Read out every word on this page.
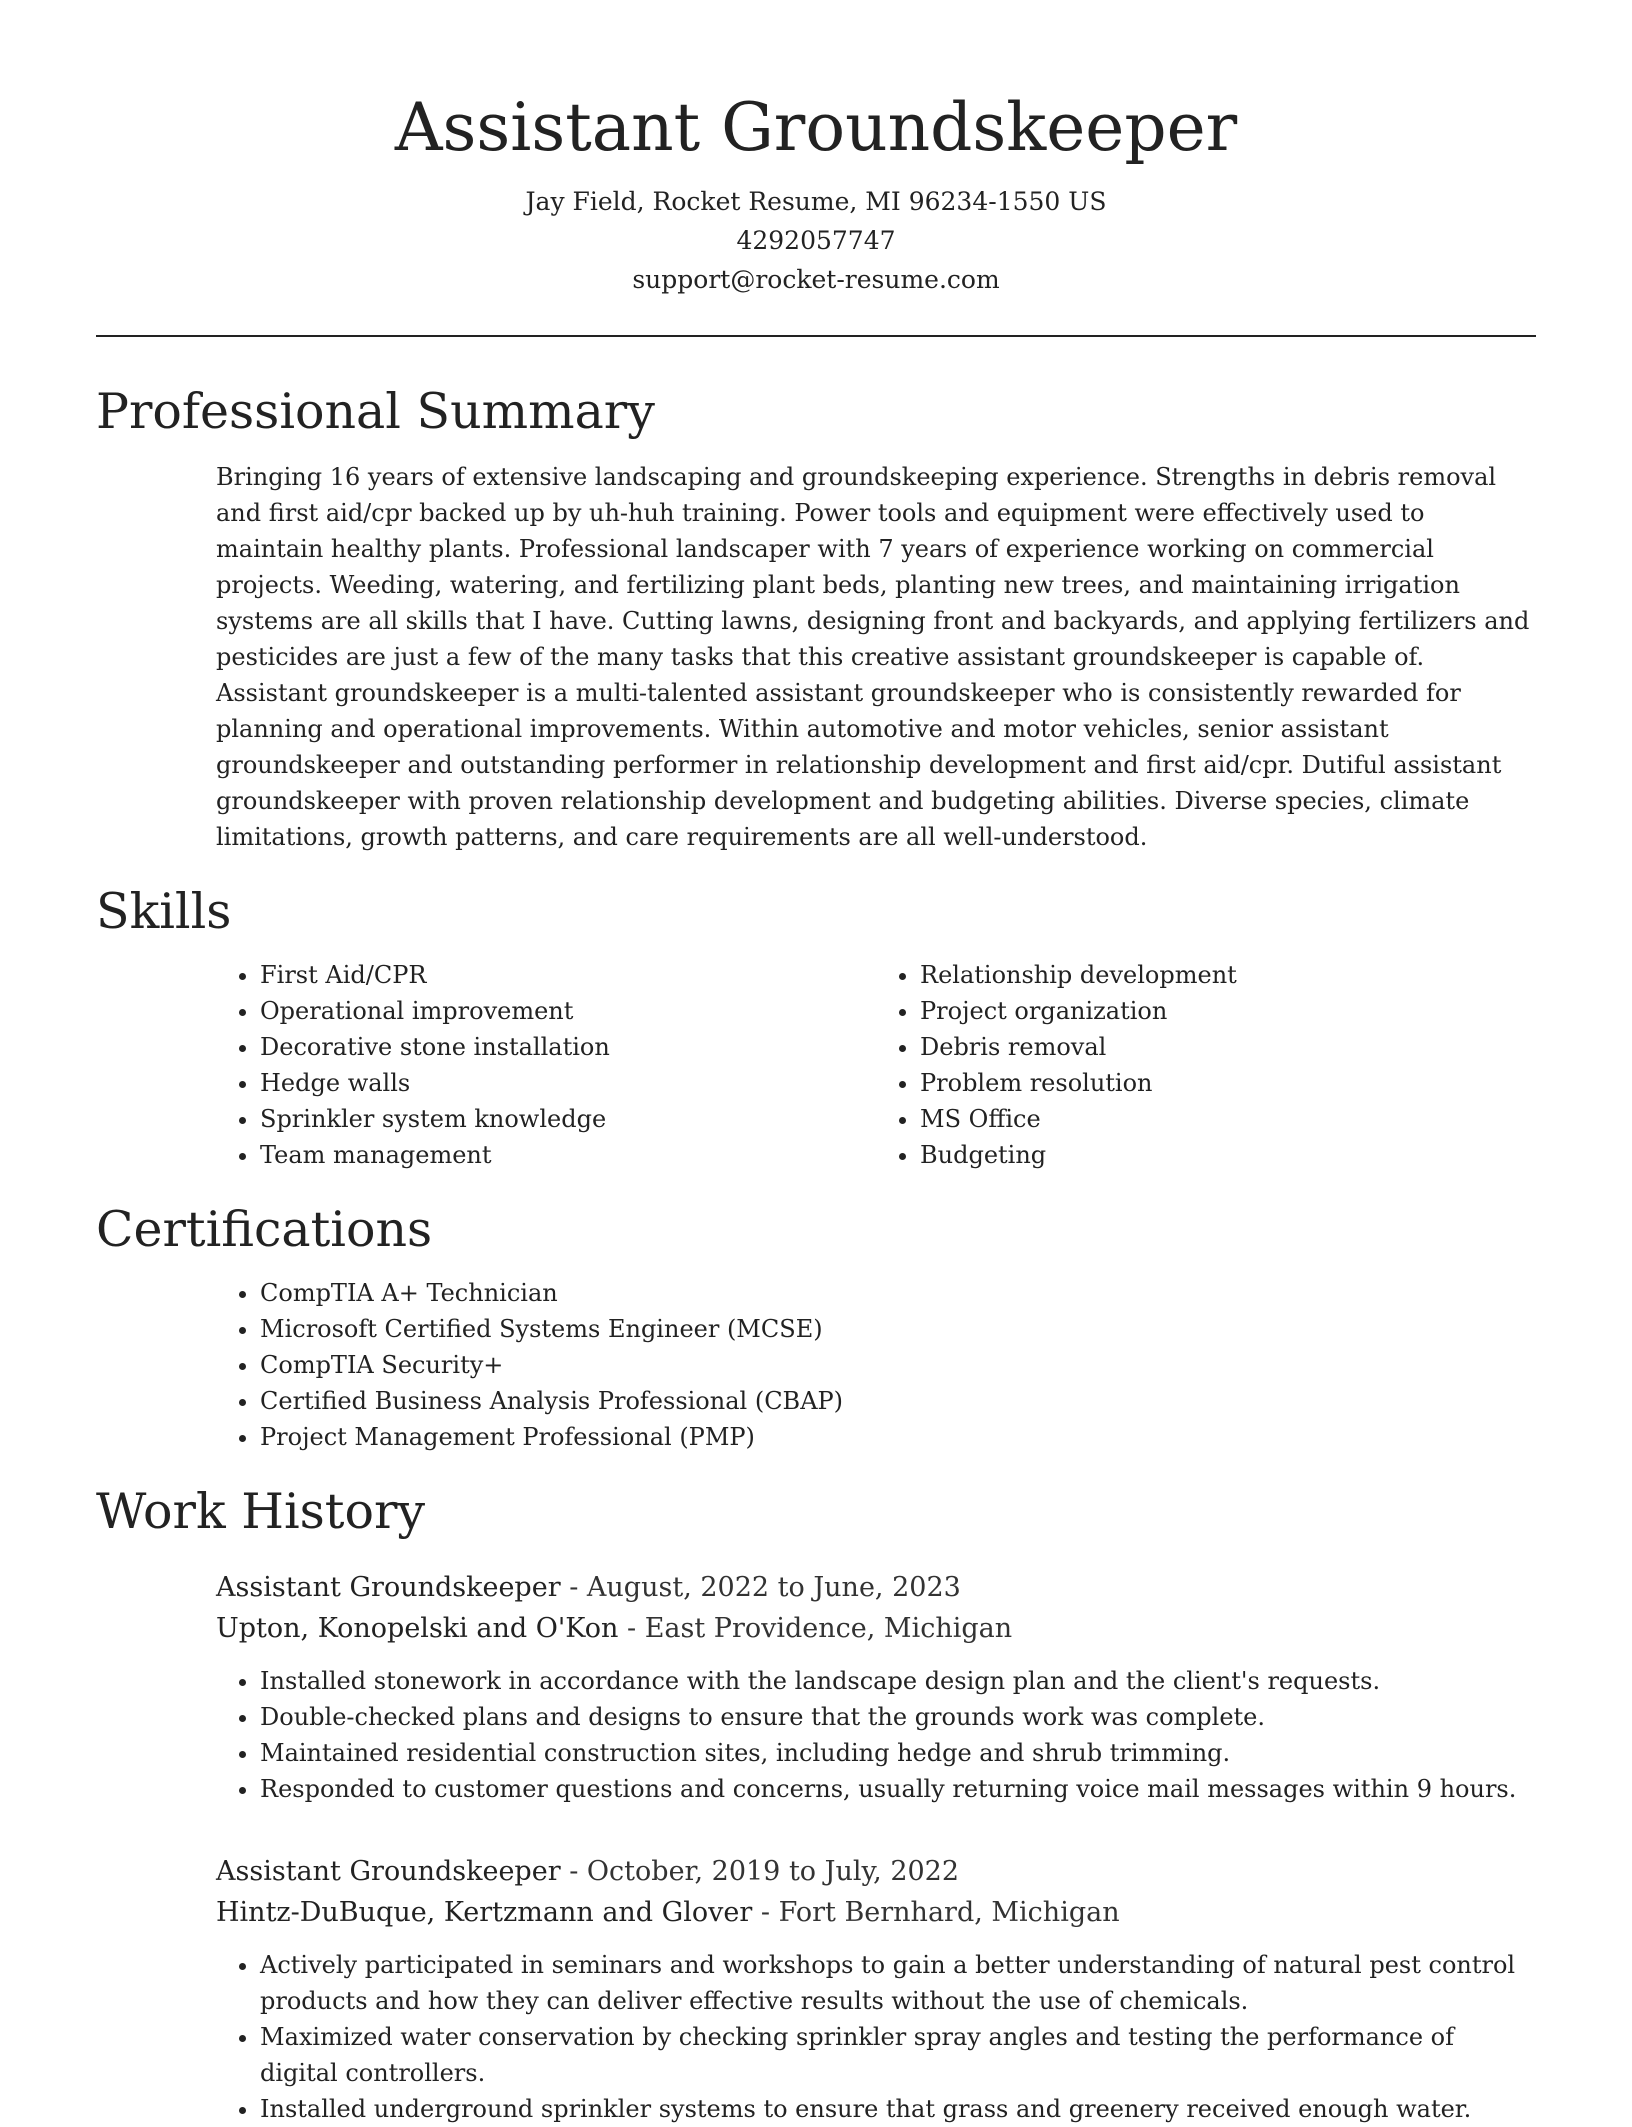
Assistant Groundskeeper
Jay Field, Rocket Resume, MI 96234-1550 US
4292057747
support@rocket-resume.com
Professional Summary

Bringing 16 years of extensive landscaping and groundskeeping experience. Strengths in debris removal and first aid/cpr backed up by uh-huh training. Power tools and equipment were effectively used to maintain healthy plants. Professional landscaper with 7 years of experience working on commercial projects. Weeding, watering, and fertilizing plant beds, planting new trees, and maintaining irrigation systems are all skills that I have. Cutting lawns, designing front and backyards, and applying fertilizers and pesticides are just a few of the many tasks that this creative assistant groundskeeper is capable of. Assistant groundskeeper is a multi-talented assistant groundskeeper who is consistently rewarded for planning and operational improvements. Within automotive and motor vehicles, senior assistant groundskeeper and outstanding performer in relationship development and first aid/cpr. Dutiful assistant groundskeeper with proven relationship development and budgeting abilities. Diverse species, climate limitations, growth patterns, and care requirements are all well-understood.

Skills
• First Aid/CPR
• Operational improvement
• Decorative stone installation
• Hedge walls
• Sprinkler system knowledge
• Team management
• Relationship development
• Project organization
• Debris removal
• Problem resolution
• MS Office
• Budgeting
Certifications
• CompTIA A+ Technician
• Microsoft Certified Systems Engineer (MCSE)
• CompTIA Security+
• Certified Business Analysis Professional (CBAP)
• Project Management Professional (PMP)
Work History
Assistant Groundskeeper - August, 2022 to June, 2023
Upton, Konopelski and O'Kon - East Providence, Michigan
• Installed stonework in accordance with the landscape design plan and the client's requests.
• Double-checked plans and designs to ensure that the grounds work was complete.
• Maintained residential construction sites, including hedge and shrub trimming.
• Responded to customer questions and concerns, usually returning voice mail messages within 9 hours.
Assistant Groundskeeper - October, 2019 to July, 2022
Hintz-DuBuque, Kertzmann and Glover - Fort Bernhard, Michigan
• Actively participated in seminars and workshops to gain a better understanding of natural pest control products and how they can deliver effective results without the use of chemicals.
• Maximized water conservation by checking sprinkler spray angles and testing the performance of digital controllers.
• Installed underground sprinkler systems to ensure that grass and greenery received enough water.
